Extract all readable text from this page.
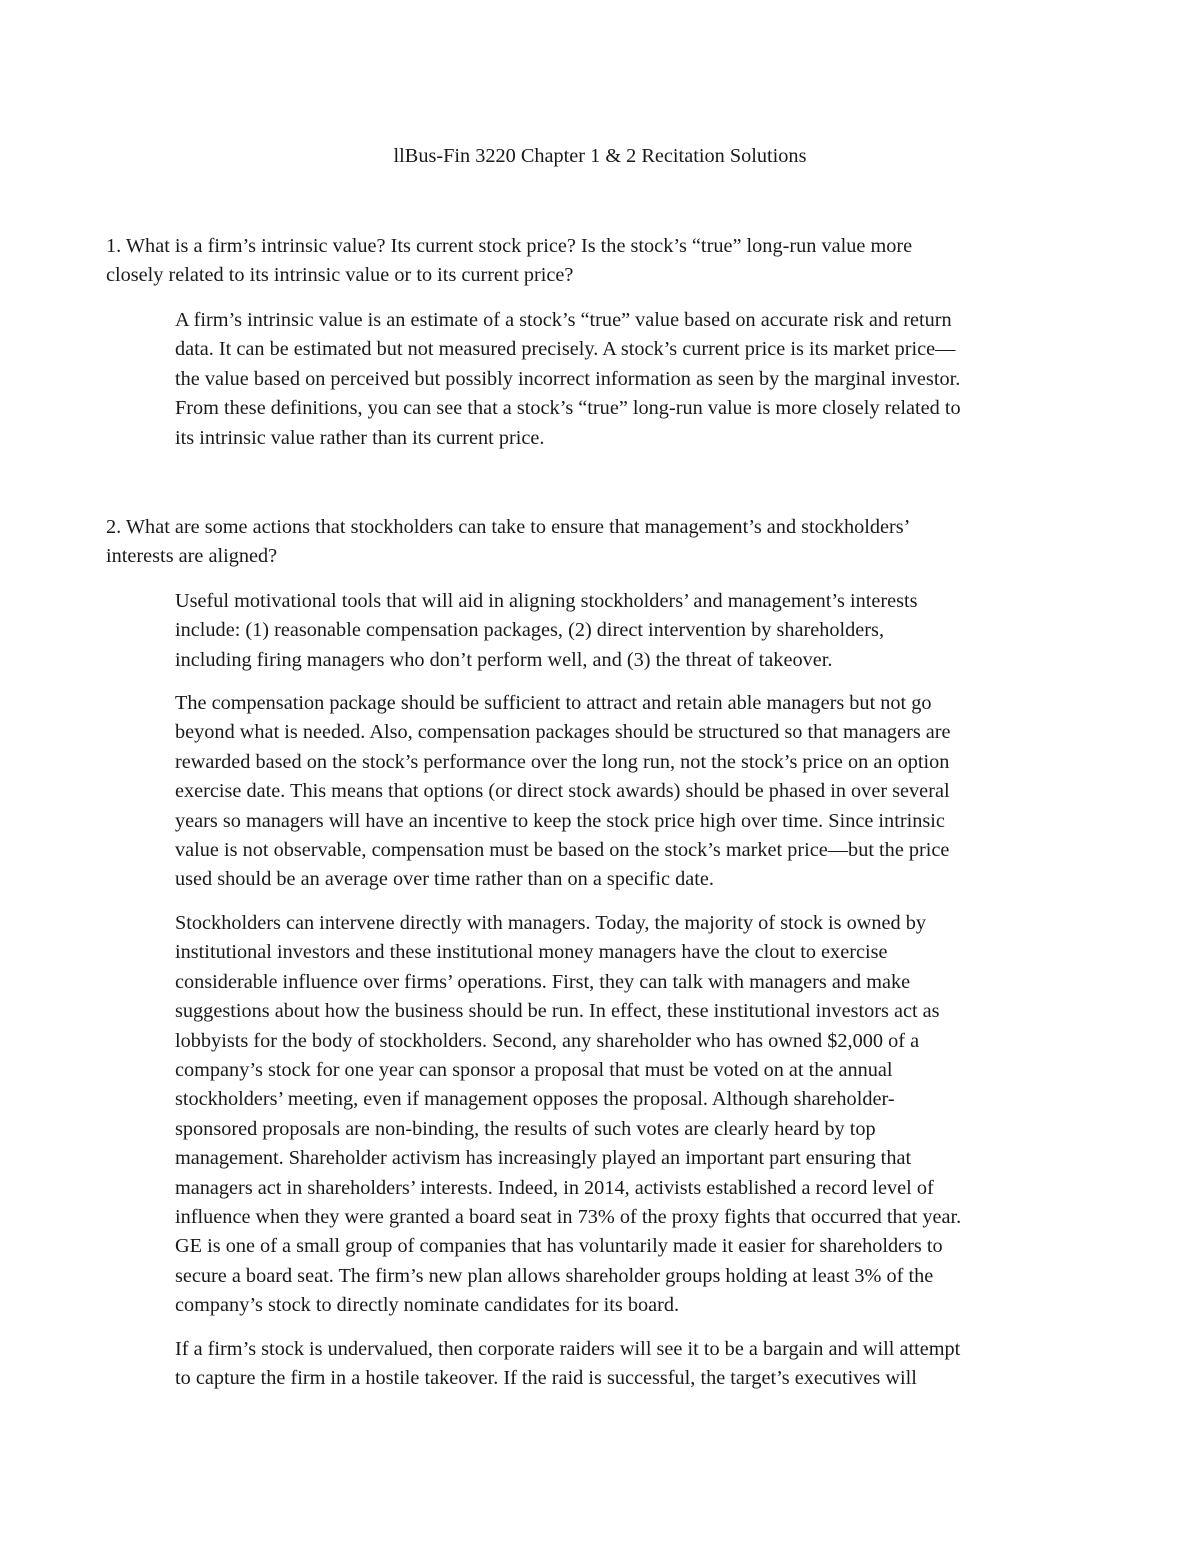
llBus-Fin 3220 Chapter 1 & 2 Recitation Solutions
1. What is a firm’s intrinsic value? Its current stock price? Is the stock’s “true” long-run value more
closely related to its intrinsic value or to its current price?
A firm’s intrinsic value is an estimate of a stock’s “true” value based on accurate risk and return
data. It can be estimated but not measured precisely. A stock’s current price is its market price—
the value based on perceived but possibly incorrect information as seen by the marginal investor.
From these definitions, you can see that a stock’s “true” long-run value is more closely related to
its intrinsic value rather than its current price.
2. What are some actions that stockholders can take to ensure that management’s and stockholders’
interests are aligned?
Useful motivational tools that will aid in aligning stockholders’ and management’s interests
include: (1) reasonable compensation packages, (2) direct intervention by shareholders,
including firing managers who don’t perform well, and (3) the threat of takeover.
The compensation package should be sufficient to attract and retain able managers but not go
beyond what is needed. Also, compensation packages should be structured so that managers are
rewarded based on the stock’s performance over the long run, not the stock’s price on an option
exercise date. This means that options (or direct stock awards) should be phased in over several
years so managers will have an incentive to keep the stock price high over time. Since intrinsic
value is not observable, compensation must be based on the stock’s market price—but the price
used should be an average over time rather than on a specific date.
Stockholders can intervene directly with managers. Today, the majority of stock is owned by
institutional investors and these institutional money managers have the clout to exercise
considerable influence over firms’ operations. First, they can talk with managers and make
suggestions about how the business should be run. In effect, these institutional investors act as
lobbyists for the body of stockholders. Second, any shareholder who has owned $2,000 of a
company’s stock for one year can sponsor a proposal that must be voted on at the annual
stockholders’ meeting, even if management opposes the proposal. Although shareholder-
sponsored proposals are non-binding, the results of such votes are clearly heard by top
management. Shareholder activism has increasingly played an important part ensuring that
managers act in shareholders’ interests. Indeed, in 2014, activists established a record level of
influence when they were granted a board seat in 73% of the proxy fights that occurred that year.
GE is one of a small group of companies that has voluntarily made it easier for shareholders to
secure a board seat. The firm’s new plan allows shareholder groups holding at least 3% of the
company’s stock to directly nominate candidates for its board.
If a firm’s stock is undervalued, then corporate raiders will see it to be a bargain and will attempt
to capture the firm in a hostile takeover. If the raid is successful, the target’s executives will
